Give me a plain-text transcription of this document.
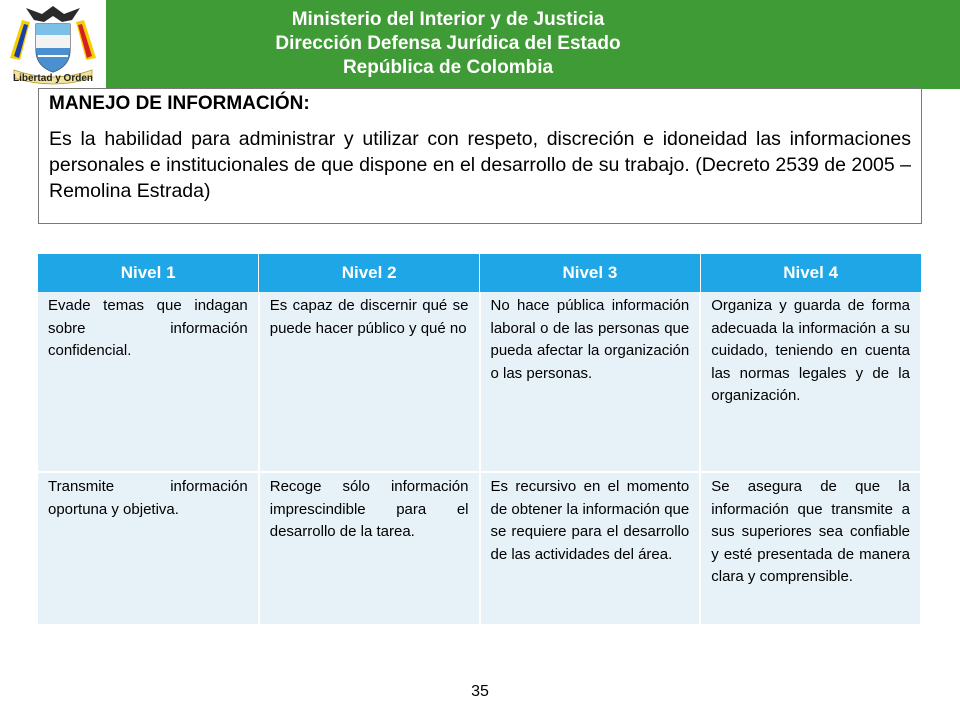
Libertad y Orden
Ministerio del Interior y de Justicia
Dirección Defensa Jurídica del Estado
República de Colombia
MANEJO DE INFORMACIÓN:
Es la habilidad para administrar y utilizar con respeto, discreción e idoneidad las informaciones personales e institucionales de que dispone en el desarrollo de su trabajo. (Decreto 2539 de 2005 – Remolina Estrada)
Nivel 1	Nivel 2	Nivel 3	Nivel 4
Evade temas que indagan sobre información confidencial.	Es capaz de discernir qué se puede hacer público y qué no	No hace pública información laboral o de las personas que pueda afectar la organización o las personas.	Organiza y guarda de forma adecuada la información a su cuidado, teniendo en cuenta las normas legales y de la organización.
Transmite información oportuna y objetiva.	Recoge sólo información imprescindible para el desarrollo de la tarea.	Es recursivo en el momento de obtener la información que se requiere para el desarrollo de las actividades del área.	Se asegura de que la información que transmite a sus superiores sea confiable y esté presentada de manera clara y comprensible.
35
